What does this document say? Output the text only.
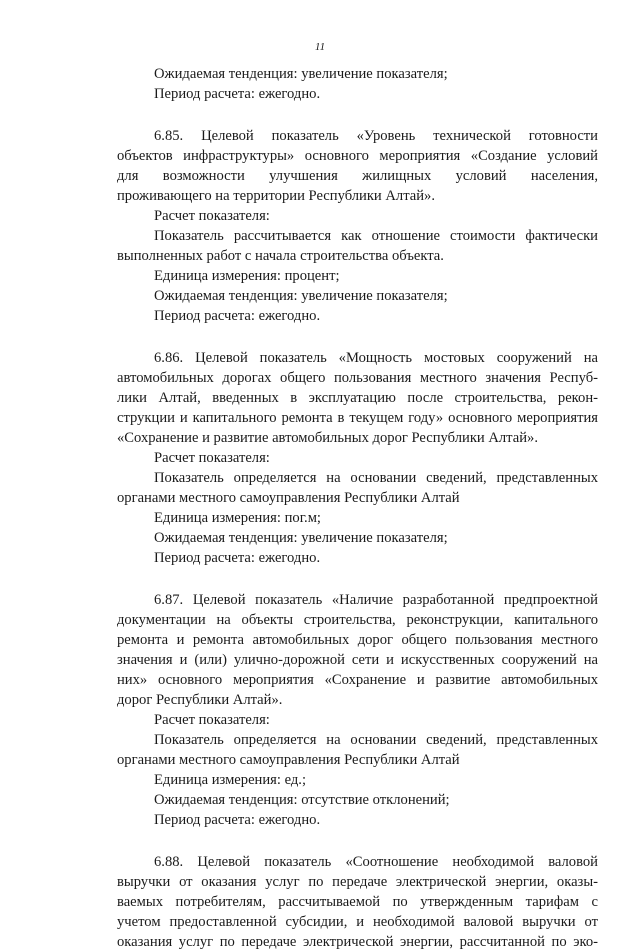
11
Ожидаемая тенденция: увеличение показателя;
Период расчета: ежегодно.
6.85. Целевой показатель «Уровень технической готовности
объектов инфраструктуры» основного мероприятия «Создание условий
для возможности улучшения жилищных условий населения,
проживающего на территории Республики Алтай».
Расчет показателя:
Показатель рассчитывается как отношение стоимости фактически
выполненных работ с начала строительства объекта.
Единица измерения: процент;
Ожидаемая тенденция: увеличение показателя;
Период расчета: ежегодно.
6.86. Целевой показатель «Мощность мостовых сооружений на
автомобильных дорогах общего пользования местного значения Респуб-
лики Алтай, введенных в эксплуатацию после строительства, рекон-
струкции и капитального ремонта в текущем году» основного мероприятия
«Сохранение и развитие автомобильных дорог Республики Алтай».
Расчет показателя:
Показатель определяется на основании сведений, представленных
органами местного самоуправления Республики Алтай
Единица измерения: пог.м;
Ожидаемая тенденция: увеличение показателя;
Период расчета: ежегодно.
6.87. Целевой показатель «Наличие разработанной предпроектной
документации на объекты строительства, реконструкции, капитального
ремонта и ремонта автомобильных дорог общего пользования местного
значения и (или) улично-дорожной сети и искусственных сооружений на
них» основного мероприятия «Сохранение и развитие автомобильных
дорог Республики Алтай».
Расчет показателя:
Показатель определяется на основании сведений, представленных
органами местного самоуправления Республики Алтай
Единица измерения: ед.;
Ожидаемая тенденция: отсутствие отклонений;
Период расчета: ежегодно.
6.88. Целевой показатель «Соотношение необходимой валовой
выручки от оказания услуг по передаче электрической энергии, оказы-
ваемых потребителям, рассчитываемой по утвержденным тарифам с
учетом предоставленной субсидии, и необходимой валовой выручки от
оказания услуг по передаче электрической энергии, рассчитанной по эко-
